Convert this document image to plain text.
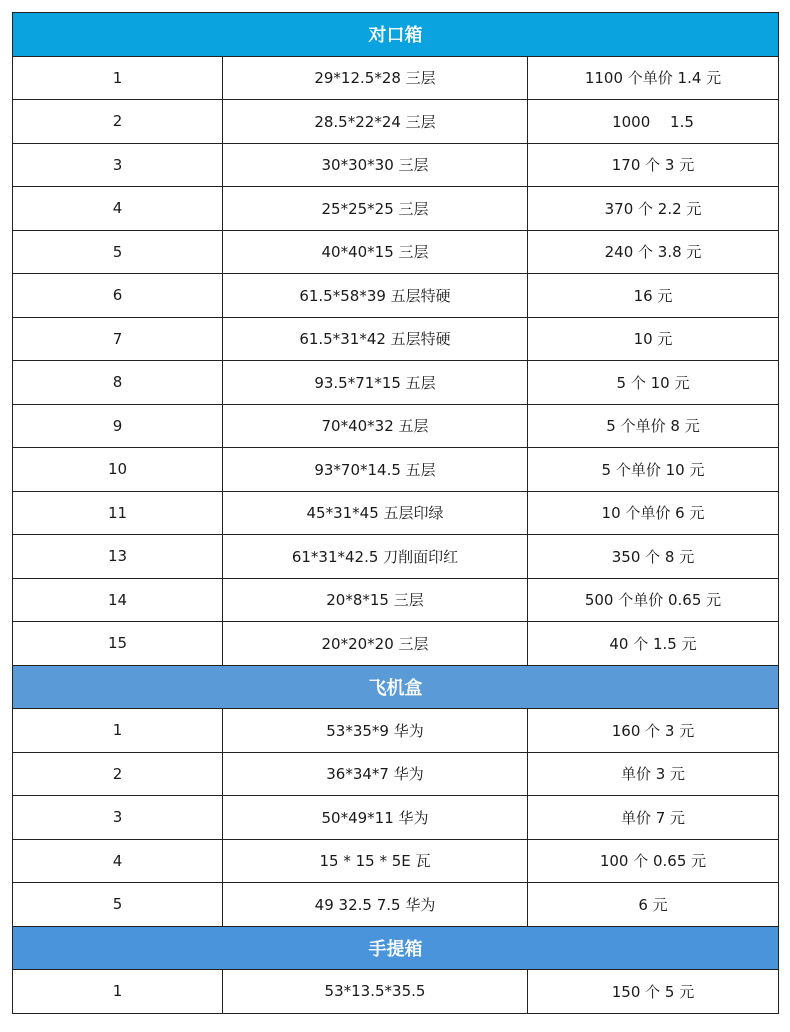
对口箱		
1	29*12.5*28 三层	1100 个单价 1.4 元
2	28.5*22*24 三层	1000　 1.5
3	30*30*30 三层	170 个 3 元
4	25*25*25 三层	370 个 2.2 元
5	40*40*15 三层	240 个 3.8 元
6	61.5*58*39 五层特硬	16 元
7	61.5*31*42 五层特硬	10 元
8	93.5*71*15 五层	5 个 10 元
9	70*40*32 五层	5 个单价 8 元
10	93*70*14.5 五层	5 个单价 10 元
11	45*31*45 五层印绿	10 个单价 6 元
13	61*31*42.5 刀削面印红	350 个 8 元
14	20*8*15 三层	500 个单价 0.65 元
15	20*20*20 三层	40 个 1.5 元
飞机盒		
1	53*35*9 华为	160 个 3 元
2	36*34*7 华为	单价 3 元
3	50*49*11 华为	单价 7 元
4	15 * 15 * 5E 瓦	100 个 0.65 元
5	49 32.5 7.5 华为	6 元
手提箱		
1	53*13.5*35.5	150 个 5 元
